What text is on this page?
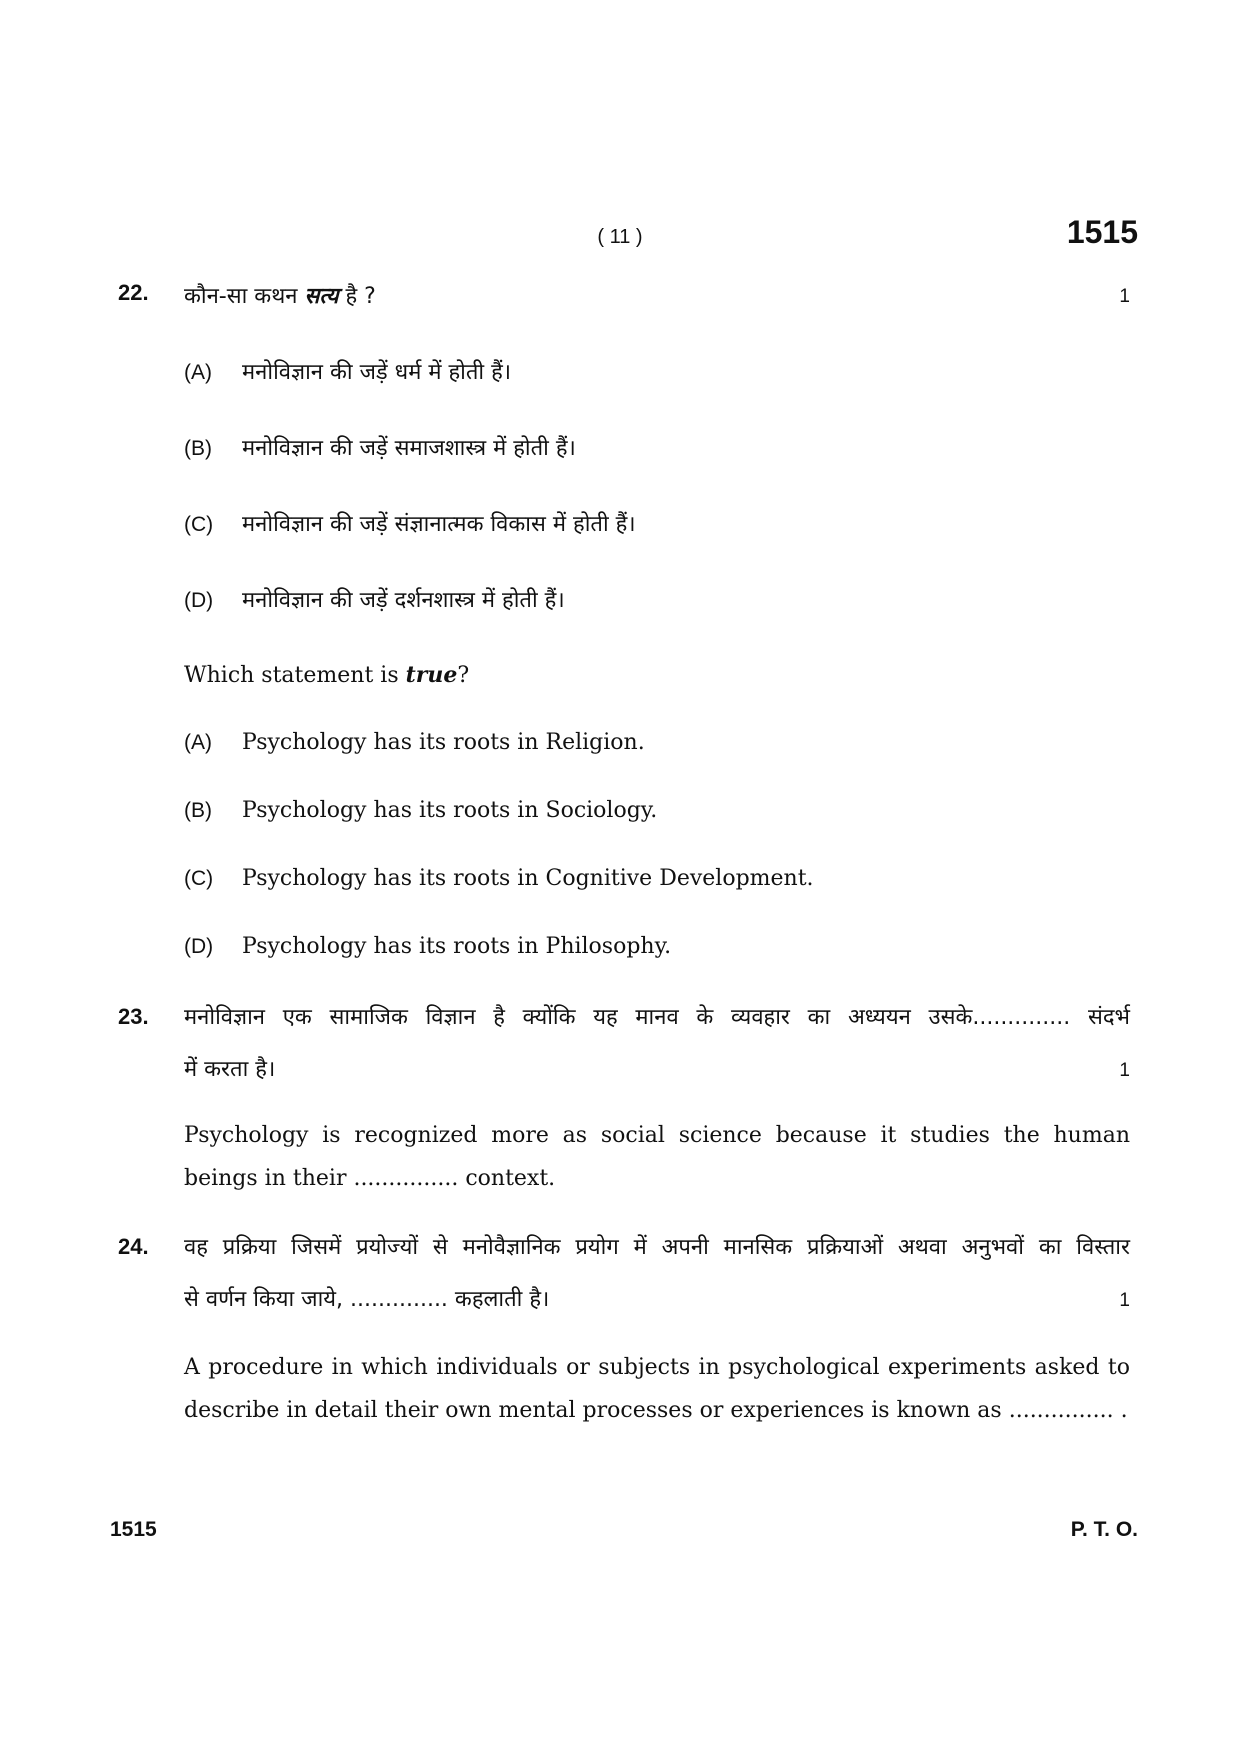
( 11 )	1515
22. कौन-सा कथन सत्य है ?	1
(A) मनोविज्ञान की जड़ें धर्म में होती हैं।
(B) मनोविज्ञान की जड़ें समाजशास्त्र में होती हैं।
(C) मनोविज्ञान की जड़ें संज्ञानात्मक विकास में होती हैं।
(D) मनोविज्ञान की जड़ें दर्शनशास्त्र में होती हैं।
Which statement is true?
(A) Psychology has its roots in Religion.
(B) Psychology has its roots in Sociology.
(C) Psychology has its roots in Cognitive Development.
(D) Psychology has its roots in Philosophy.
23. मनोविज्ञान एक सामाजिक विज्ञान है क्योंकि यह मानव के व्यवहार का अध्ययन उसके.............. संदर्भ
में करता है।	1
Psychology is recognized more as social science because it studies the human beings in their ............... context.
24. वह प्रक्रिया जिसमें प्रयोज्यों से मनोवैज्ञानिक प्रयोग में अपनी मानसिक प्रक्रियाओं अथवा अनुभवों का विस्तार
से वर्णन किया जाये, .............. कहलाती है।	1
A procedure in which individuals or subjects in psychological experiments asked to describe in detail their own mental processes or experiences is known as ............... .
1515	P. T. O.
